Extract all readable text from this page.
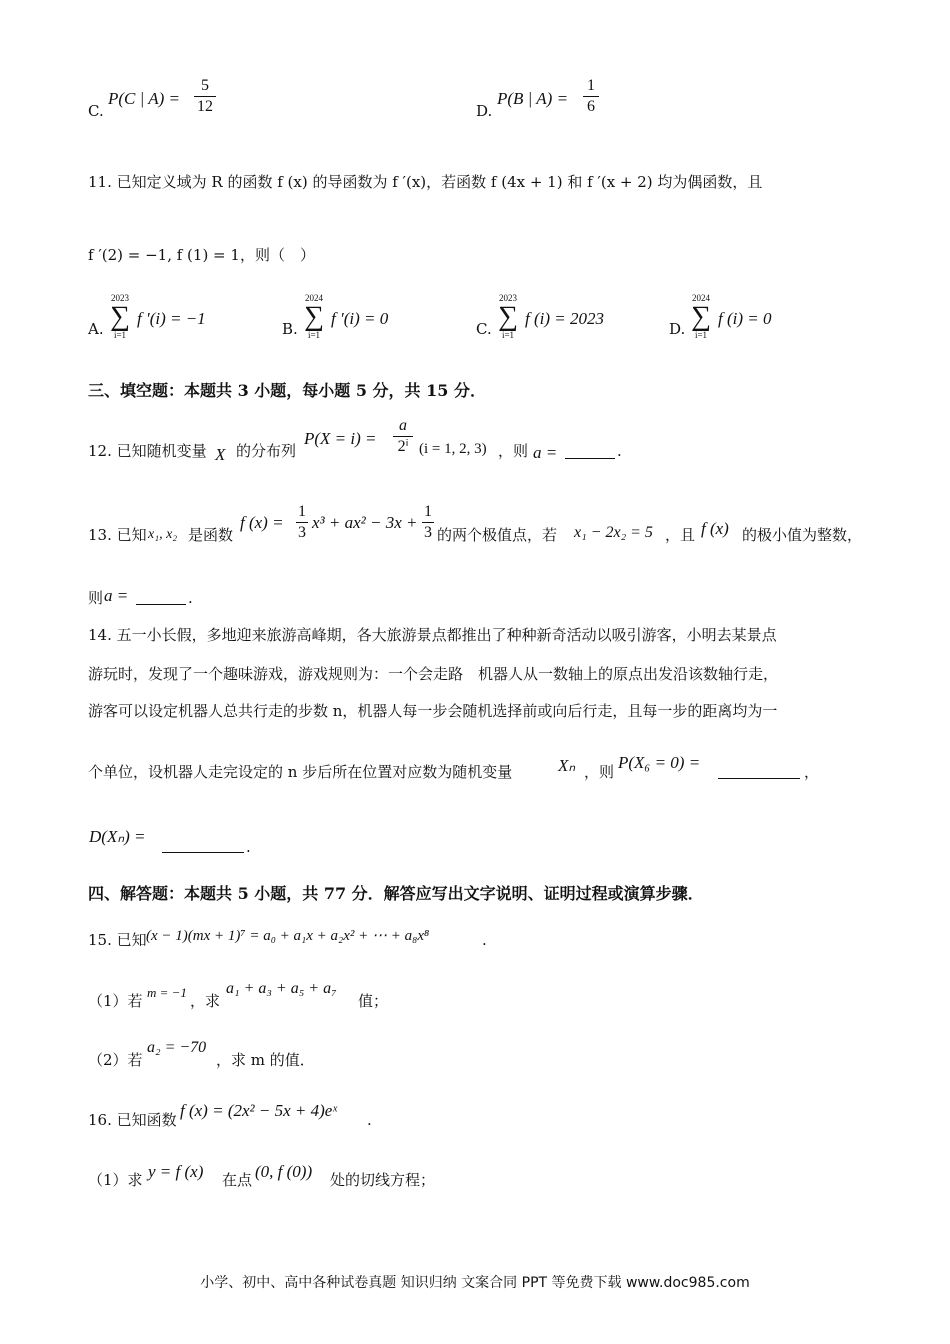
C.
P(C | A) =
5
12	D.
P(B | A) =
1
6
11. 已知定义域为 R 的函数 f (x) 的导函数为 f ′(x)，若函数 f (4x + 1) 和 f ′(x + 2) 均为偶函数，且
f ′(2) = −1, f (1) = 1，则（　）
A.
2023
∑
i=1
f ′(i) = −1
B.
2024
∑
i=1
f ′(i) = 0
C.
2023
∑
i=1
f (i) = 2023
D.
2024
∑
i=1
f (i) = 0
三、填空题：本题共 3 小题，每小题 5 分，共 15 分．
12. 已知随机变量 X 的分布列
P(X = i) =
a
2ⁱ (i = 1, 2, 3) ，则 a =	.
13. 已知 x₁, x₂ 是函数
f (x) =
1
3
x³ + ax² − 3x +
1
3 的两个极值点，若 x₁ − 2x₂ = 5 ，且 f (x) 的极小值为整数，
则 a =	.
14. 五一小长假，多地迎来旅游高峰期，各大旅游景点都推出了种种新奇活动以吸引游客，小明去某景点
游玩时，发现了一个趣味游戏，游戏规则为：一个会走路　机器人从一数轴上的原点出发沿该数轴行走，
游客可以设定机器人总共行走的步数 n，机器人每一步会随机选择前或向后行走，且每一步的距离均为一
个单位，设机器人走完设定的 n 步后所在位置对应数为随机变量	Xₙ ，则 P(X₆ = 0) =	，
D(Xₙ) =
.
四、解答题：本题共 5 小题，共 77 分．解答应写出文字说明、证明过程或演算步骤．
15. 已知 (x − 1)(mx + 1)⁷ = a₀ + a₁x + a₂x² + ⋯ + a₈x⁸	.
（1）若 m = −1 ，求
a₁ + a₃ + a₅ + a₇
值；
（2）若
a₂ = −70
，求 m 的值．
16. 已知函数 f (x) = (2x² − 5x + 4)eˣ .
（1）求 y = f (x) 在点 (0, f (0)) 处的切线方程；
小学、初中、高中各种试卷真题 知识归纳 文案合同 PPT 等免费下载 www.doc985.com
